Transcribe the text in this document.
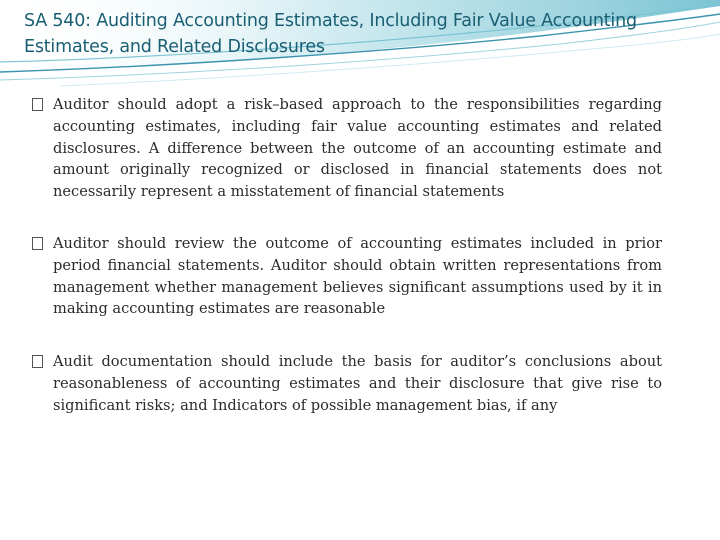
SA 540: Auditing Accounting Estimates, Including Fair Value Accounting Estimates, and Related Disclosures

Auditor should adopt a risk–based approach to the responsibilities regarding accounting estimates, including fair value accounting estimates and related disclosures. A difference between the outcome of an accounting estimate and amount originally recognized or disclosed in financial statements does not necessarily represent a misstatement of financial statements

Auditor should review the outcome of accounting estimates included in prior period financial statements. Auditor should obtain written representations from management whether management believes significant assumptions used by it in making accounting estimates are reasonable

Audit documentation should include the basis for auditor’s conclusions about reasonableness of accounting estimates and their disclosure that give rise to significant risks; and Indicators of possible management bias, if any
